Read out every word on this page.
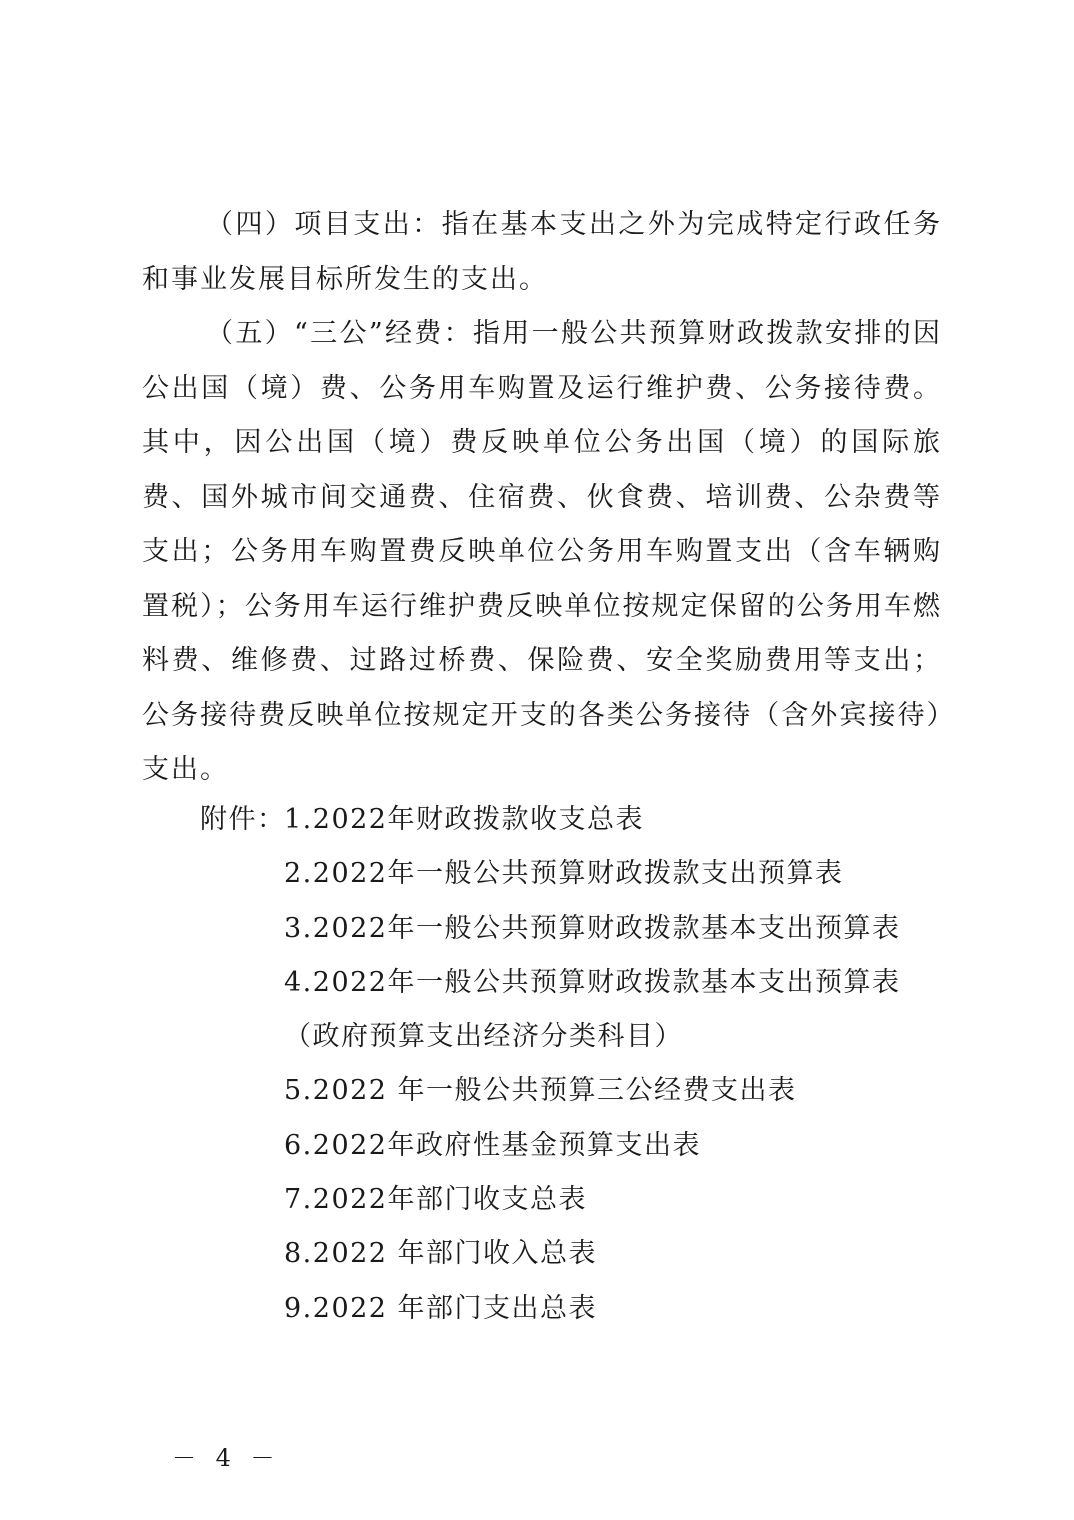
（四）项目支出：指在基本支出之外为完成特定行政任务和事业发展目标所发生的支出。

（五）“三公”经费：指用一般公共预算财政拨款安排的因公出国（境）费、公务用车购置及运行维护费、公务接待费。其中，因公出国（境）费反映单位公务出国（境）的国际旅费、国外城市间交通费、住宿费、伙食费、培训费、公杂费等支出；公务用车购置费反映单位公务用车购置支出（含车辆购置税）；公务用车运行维护费反映单位按规定保留的公务用车燃料费、维修费、过路过桥费、保险费、安全奖励费用等支出；公务接待费反映单位按规定开支的各类公务接待（含外宾接待）支出。

附件：
1.2022年财政拨款收支总表
2.2022年一般公共预算财政拨款支出预算表
3.2022年一般公共预算财政拨款基本支出预算表
4.2022年一般公共预算财政拨款基本支出预算表
（政府预算支出经济分类科目）
5.2022 年一般公共预算三公经费支出表
6.2022年政府性基金预算支出表
7.2022年部门收支总表
8.2022 年部门收入总表
9.2022 年部门支出总表
－ 4 －
